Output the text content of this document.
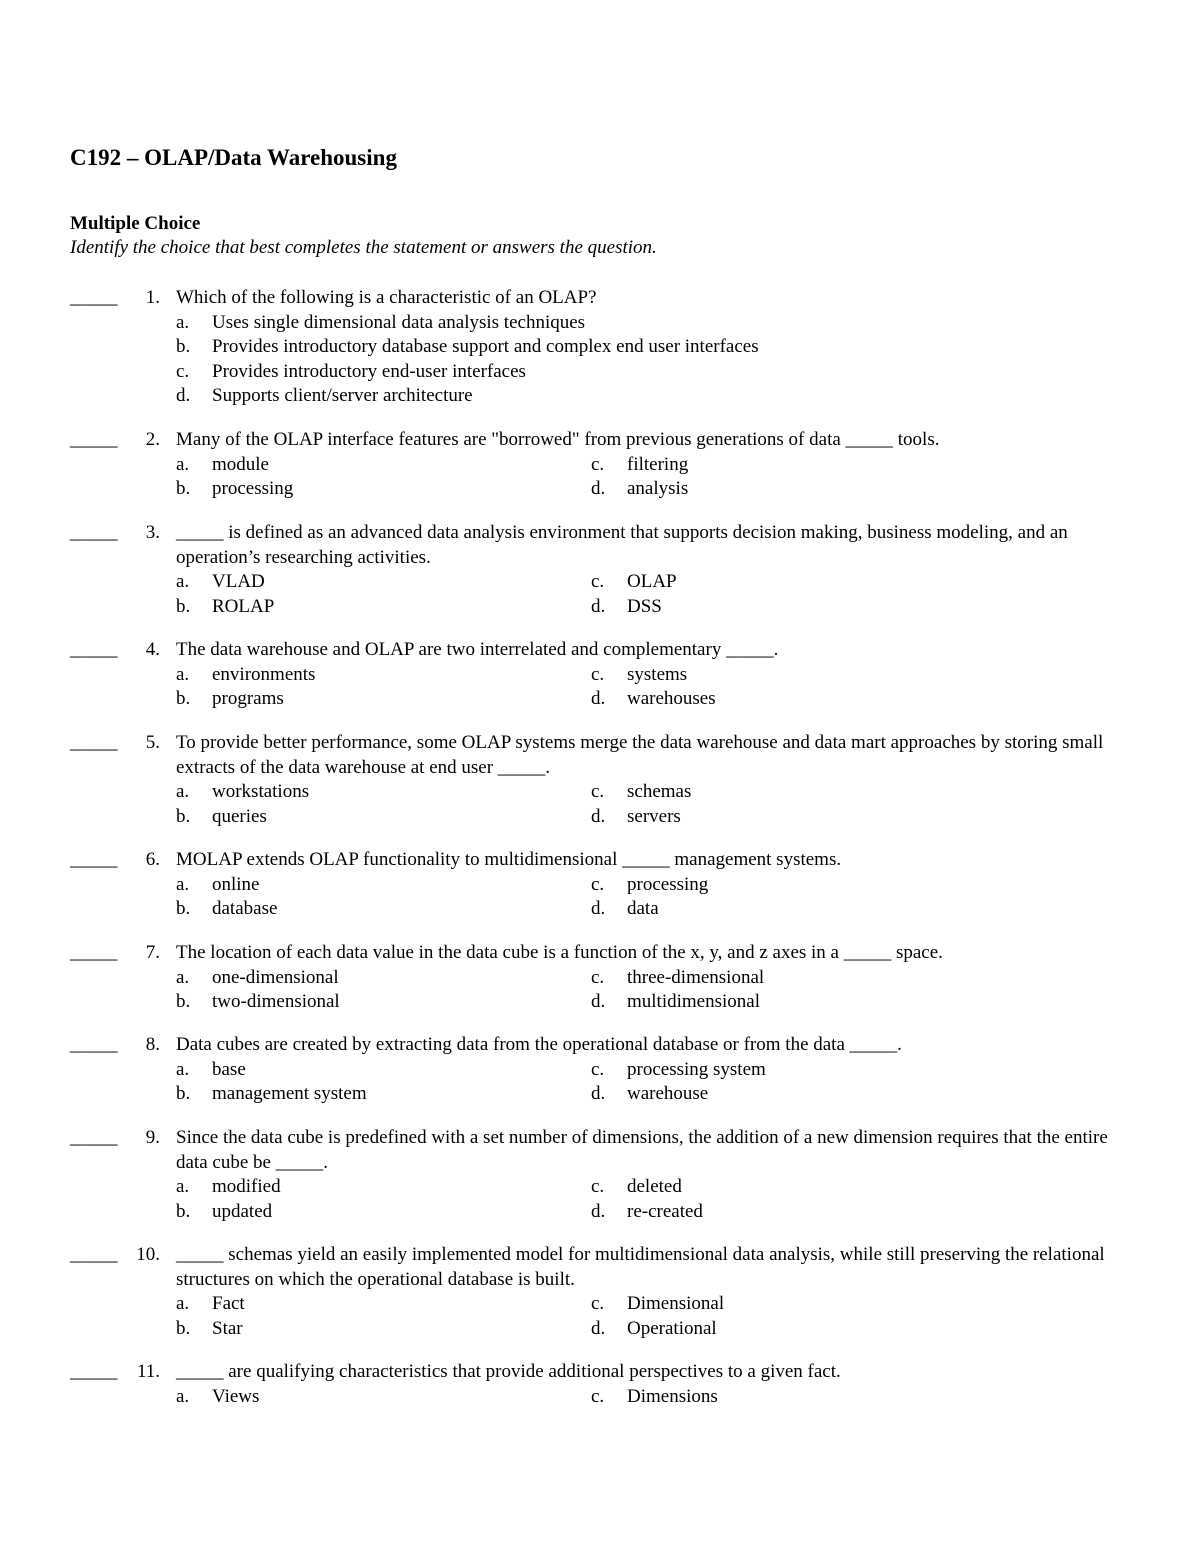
C192 – OLAP/Data Warehousing
Multiple Choice
Identify the choice that best completes the statement or answers the question.
_____	1. Which of the following is a characteristic of an OLAP?
a. Uses single dimensional data analysis techniques
b. Provides introductory database support and complex end user interfaces
c. Provides introductory end-user interfaces
d. Supports client/server architecture
_____	2. Many of the OLAP interface features are "borrowed" from previous generations of data _____ tools.
a. module
b. processing
c. filtering
d. analysis
_____	3. _____ is defined as an advanced data analysis environment that supports decision making, business modeling, and an operation’s researching activities.
a. VLAD
b. ROLAP
c. OLAP
d. DSS
_____	4. The data warehouse and OLAP are two interrelated and complementary _____.
a. environments
b. programs
c. systems
d. warehouses
_____	5. To provide better performance, some OLAP systems merge the data warehouse and data mart approaches by storing small extracts of the data warehouse at end user _____.
a. workstations
b. queries
c. schemas
d. servers
_____	6. MOLAP extends OLAP functionality to multidimensional _____ management systems.
a. online
b. database
c. processing
d. data
_____	7. The location of each data value in the data cube is a function of the x, y, and z axes in a _____ space.
a. one-dimensional
b. two-dimensional
c. three-dimensional
d. multidimensional
_____	8. Data cubes are created by extracting data from the operational database or from the data _____.
a. base
b. management system
c. processing system
d. warehouse
_____	9. Since the data cube is predefined with a set number of dimensions, the addition of a new dimension requires that the entire data cube be _____.
a. modified
b. updated
c. deleted
d. re-created
_____ 10. _____ schemas yield an easily implemented model for multidimensional data analysis, while still preserving the relational structures on which the operational database is built.
a. Fact
b. Star
c. Dimensional
d. Operational
_____	11. _____ are qualifying characteristics that provide additional perspectives to a given fact.
a. Views	c. Dimensions
